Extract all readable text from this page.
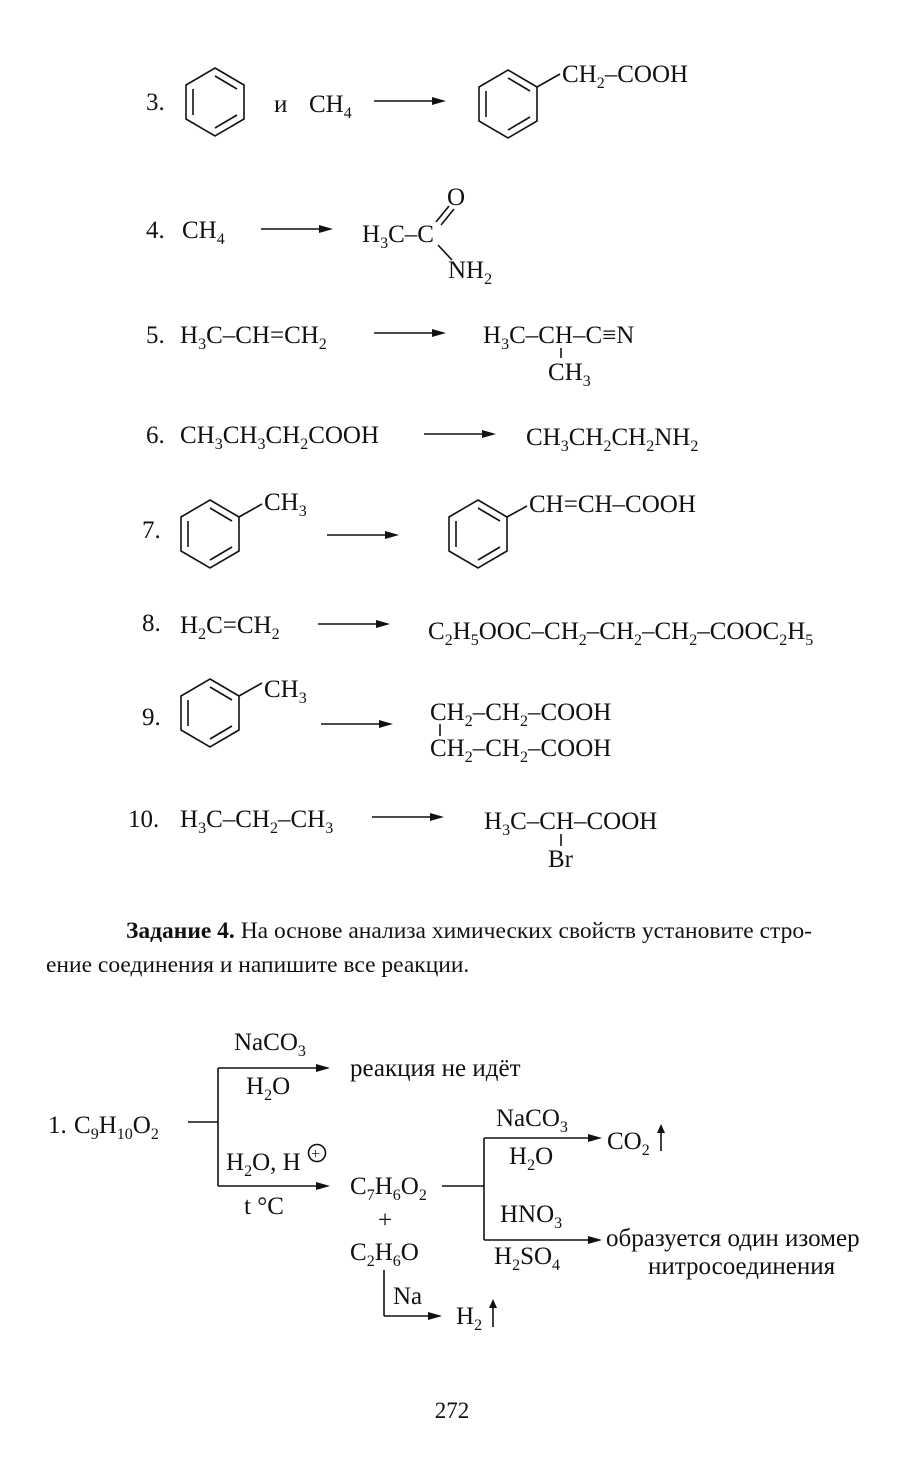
3.	и $CH_4$
$CH_2$–COOH
4. $CH_4$	$H_3C-C$
O
$NH_2$
5. $H_3C-CH=CH_2$	$H_3C-CH-C\equiv N$
$CH_3$
6. $CH_3CH_3CH_2COOH$	$CH_3CH_2CH_2NH_2$
7.
$CH_3$	CH=CH–COOH
8. $H_2C=CH_2$	$C_2H_5OOC-CH_2-CH_2-CH_2-COOC_2H_5$
9.
$CH_3$
$CH_2-CH_2$–COOH
$CH_2-CH_2$–COOH
10. $H_3C-CH_2-CH_3$	$H_3C-CH$–COOH
Br
1. $C_9H_{10}O_2$
NaCO$_3$
$H_2O$
реакция не идёт
$H_2O$, H +
t °C
$C_7H_6O_2$
+
$C_2H_6O$
NaCO$_3$
$H_2O$
$CO_2$
$HNO_3$
$H_2SO_4$
образуется один изомер
нитросоединения
Na
$H_2$
Задание 4. На основе анализа химических свойств установите стро-
ение соединения и напишите все реакции.
272
